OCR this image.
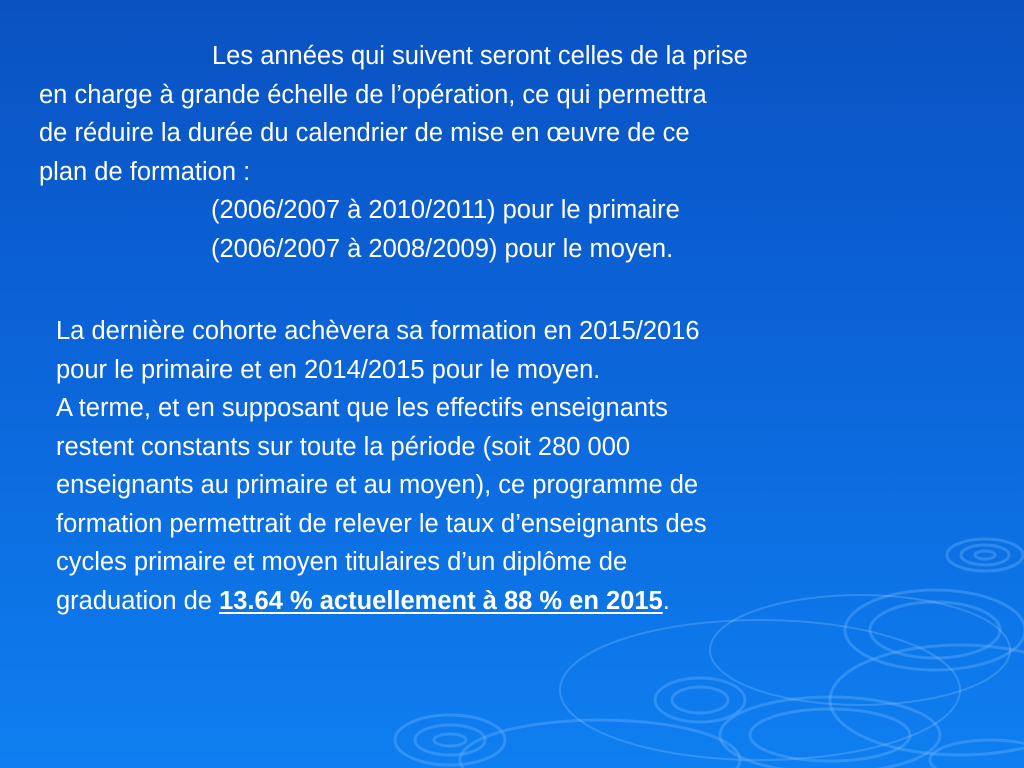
Les années qui suivent seront celles de la prise
en charge à grande échelle de l’opération, ce qui permettra
de réduire la durée du calendrier de mise en œuvre de ce
plan de formation :
(2006/2007 à 2010/2011) pour le primaire
(2006/2007 à 2008/2009) pour le moyen.
La dernière cohorte achèvera sa formation en 2015/2016
pour le primaire et en 2014/2015 pour le moyen.
A terme, et en supposant que les effectifs enseignants
restent constants sur toute la période (soit 280 000
enseignants au primaire et au moyen), ce programme de
formation permettrait de relever le taux d’enseignants des
cycles primaire et moyen titulaires d’un diplôme de
graduation de 13.64 % actuellement à 88 % en 2015.
